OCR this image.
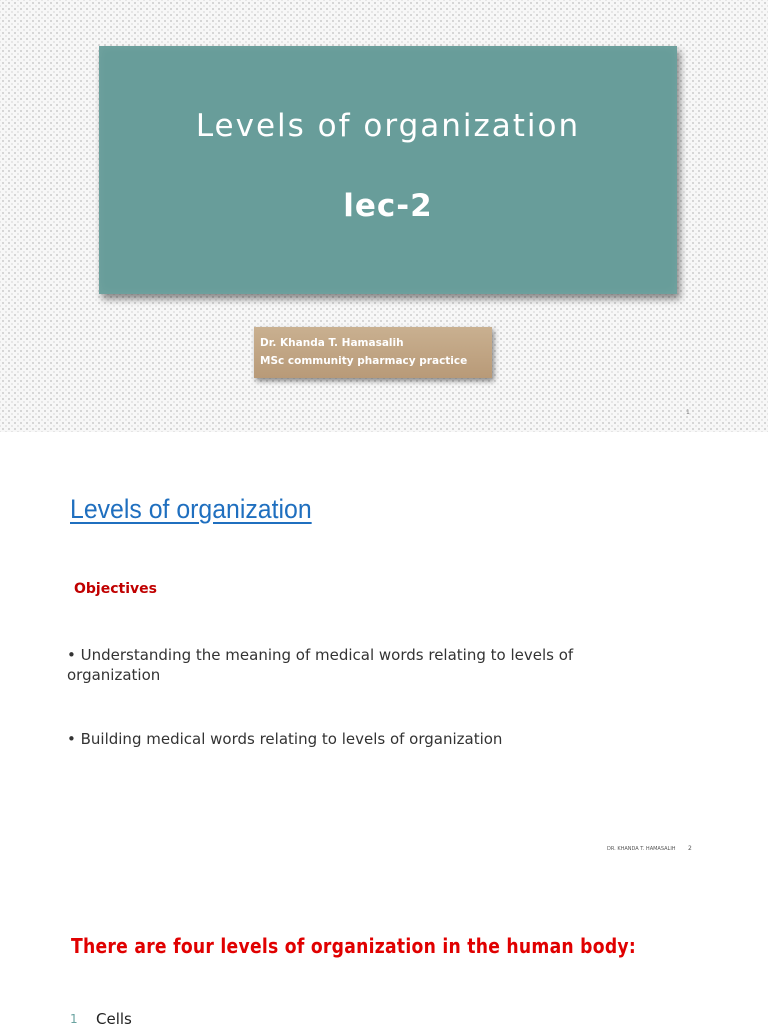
Levels of organization
lec-2
Dr. Khanda T. Hamasalih
MSc community pharmacy practice
1
Levels of organization
Objectives
• Understanding the meaning of medical words relating to levels of organization
• Building medical words relating to levels of organization
DR. KHANDA T. HAMASALIH 2
There are four levels of organization in the human body:
1 Cells
